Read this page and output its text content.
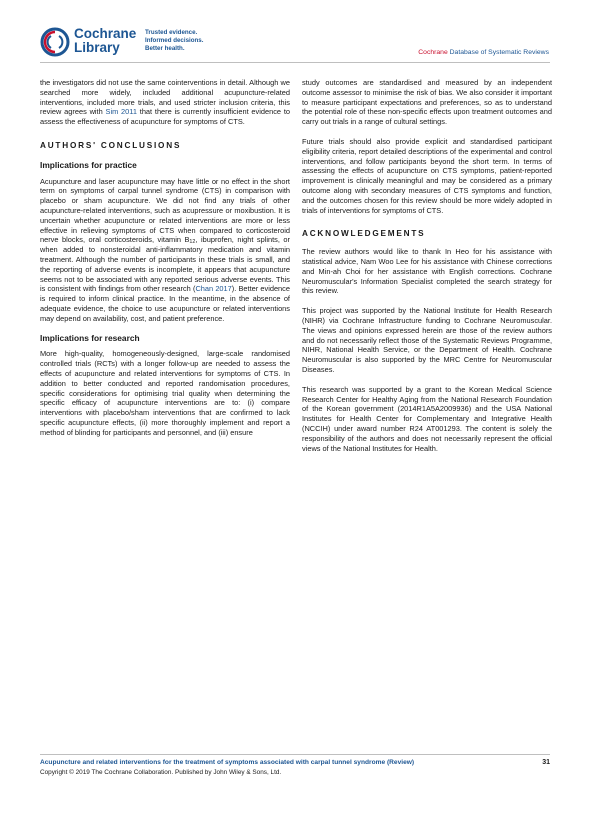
Cochrane
Library
Trusted evidence.
Informed decisions.
Better health.
Cochrane Database of Systematic Reviews

the investigators did not use the same cointerventions in detail. Although we searched more widely, included additional acupuncture-related interventions, included more trials, and used stricter inclusion criteria, this review agrees with Sim 2011 that there is currently insufficient evidence to assess the effectiveness of acupuncture for symptoms of CTS.

AUTHORS' CONCLUSIONS
Implications for practice

Acupuncture and laser acupuncture may have little or no effect in the short term on symptoms of carpal tunnel syndrome (CTS) in comparison with placebo or sham acupuncture. We did not find any trials of other acupuncture-related interventions, such as acupressure or moxibustion. It is uncertain whether acupuncture or related interventions are more or less effective in relieving symptoms of CTS when compared to corticosteroid nerve blocks, oral corticosteroids, vitamin $B_{12}$, ibuprofen, night splints, or when added to nonsteroidal anti-inflammatory medication and vitamin treatment. Although the number of participants in these trials is small, and the reporting of adverse events is incomplete, it appears that acupuncture seems not to be associated with any reported serious adverse events. This is consistent with findings from other research (Chan 2017). Better evidence is required to inform clinical practice. In the meantime, in the absence of adequate evidence, the choice to use acupuncture or related interventions may depend on availability, cost, and patient preference.

Implications for research

More high-quality, homogeneously-designed, large-scale randomised controlled trials (RCTs) with a longer follow-up are needed to assess the effects of acupuncture and related interventions for symptoms of CTS. In addition to better conducted and reported randomisation procedures, specific considerations for optimising trial quality when determining the specific efficacy of acupuncture interventions are to: (i) compare interventions with placebo/sham interventions that are confirmed to lack specific acupuncture effects, (ii) more thoroughly implement and report a method of blinding for participants and personnel, and (iii) ensure

study outcomes are standardised and measured by an independent outcome assessor to minimise the risk of bias. We also consider it important to measure participant expectations and preferences, so as to understand the potential role of these non-specific effects upon treatment outcomes and carry out trials in a range of cultural settings.

Future trials should also provide explicit and standardised participant eligibility criteria, report detailed descriptions of the experimental and control interventions, and follow participants beyond the short term. In terms of assessing the effects of acupuncture on CTS symptoms, patient-reported improvement is clinically meaningful and may be considered as a primary outcome along with secondary measures of CTS symptoms and function, and the outcomes chosen for this review should be more widely adopted in trials of interventions for symptoms of CTS.

ACKNOWLEDGEMENTS

The review authors would like to thank In Heo for his assistance with statistical advice, Nam Woo Lee for his assistance with Chinese corrections and Min-ah Choi for her assistance with English corrections. Cochrane Neuromuscular's Information Specialist completed the search strategy for this review.

This project was supported by the National Institute for Health Research (NIHR) via Cochrane Infrastructure funding to Cochrane Neuromuscular. The views and opinions expressed herein are those of the review authors and do not necessarily reflect those of the Systematic Reviews Programme, NIHR, National Health Service, or the Department of Health. Cochrane Neuromuscular is also supported by the MRC Centre for Neuromuscular Diseases.

This research was supported by a grant to the Korean Medical Science Research Center for Healthy Aging from the National Research Foundation of the Korean government (2014R1A5A2009936) and the USA National Institutes for Health Center for Complementary and Integrative Health (NCCIH) under award number R24 AT001293. The content is solely the responsibility of the authors and does not necessarily represent the official views of the National Institutes for Health.

Acupuncture and related interventions for the treatment of symptoms associated with carpal tunnel syndrome (Review)
Copyright © 2019 The Cochrane Collaboration. Published by John Wiley & Sons, Ltd.
31
